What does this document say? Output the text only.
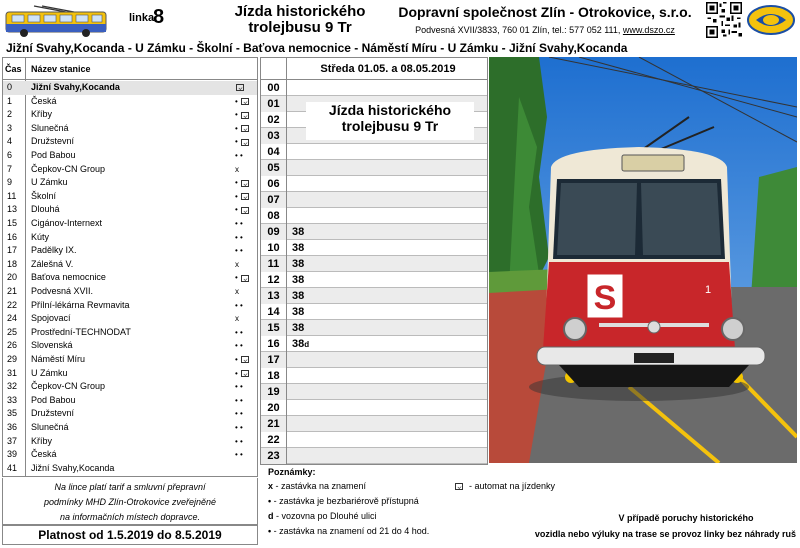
linka
8	Jízda historického
trolejbusu 9 Tr
Dopravní společnost Zlín - Otrokovice, s.r.o.
Podvesná XVII/3833, 760 01 Zlín, tel.: 577 052 111, www.dszo.cz
Jižní Svahy,Kocanda - U Zámku - Školní - Baťova nemocnice - Náměstí Míru - U Zámku - Jižní Svahy,Kocanda
Čas Název stanice
0	Jižní Svahy,Kocanda
1	Česká	•
2	Kříby	•
3	Slunečná	•
4	Družstevní	•
6	Pod Babou	• •
7	Čepkov-CN Group	x
9	U Zámku	•
11	Školní	•
13	Dlouhá	•
15	Cigánov-Internext	• •
16	Kúty	• •
17	Padělky IX.	• •
18	Zálešná V.	x
20	Baťova nemocnice	•
21	Podvesná XVII.	x
22	Přílní-lékárna Revmavita	• •
24	Spojovací	x
25	Prostřední-TECHNODAT	• •
26	Slovenská	• •
29	Náměstí Míru	•
31	U Zámku	•
32	Čepkov-CN Group	• •
33	Pod Babou	• •
35	Družstevní	• •
36	Slunečná	• •
37	Kříby	• •
39	Česká	• •
41	Jižní Svahy,Kocanda
Na lince platí tarif a smluvní přepravní
podmínky MHD Zlín-Otrokovice zveřejněné
na informačních místech dopravce.
Platnost od 1.5.2019 do 8.5.2019
Středa 01.05. a 08.05.2019
00
01
02
03
04
05
06
07
08
09	38
10	38
11	38
12	38
13	38
14	38
15	38
16	38d
17
18
19
20
21
22
23
Jízda historického
trolejbusu 9 Tr
S	1
Poznámky:
x - zastávka na znamení
• - zastávka je bezbariérově přístupná
d - vozovna po Dlouhé ulici
• - zastávka na znamení od 21 do 4 hod.
- automat na jízdenky
V případě poruchy historického
vozidla nebo výluky na trase se provoz linky bez náhrady ruš
